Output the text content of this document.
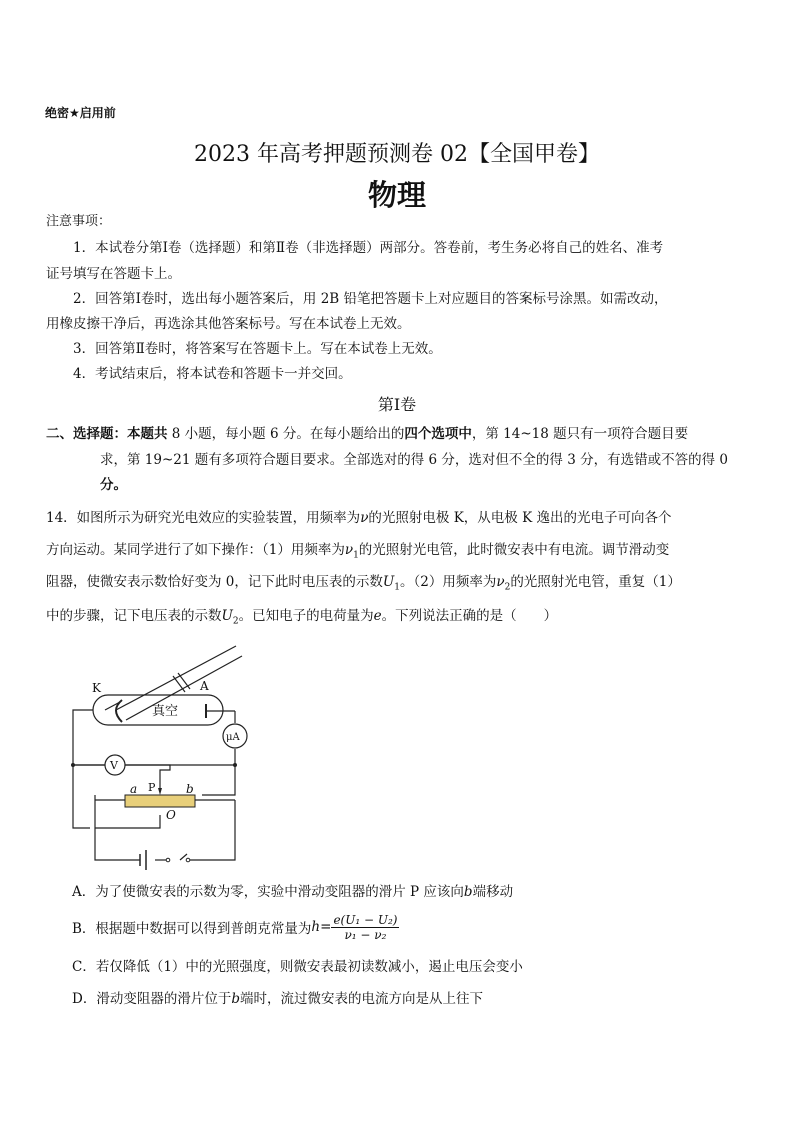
绝密★启用前
2023 年高考押题预测卷 02【全国甲卷】
物理
注意事项：
1．本试卷分第Ⅰ卷（选择题）和第Ⅱ卷（非选择题）两部分。答卷前，考生务必将自己的姓名、准考
证号填写在答题卡上。
2．回答第Ⅰ卷时，选出每小题答案后，用 2B 铅笔把答题卡上对应题目的答案标号涂黑。如需改动，
用橡皮擦干净后，再选涂其他答案标号。写在本试卷上无效。
3．回答第Ⅱ卷时，将答案写在答题卡上。写在本试卷上无效。
4．考试结束后，将本试卷和答题卡一并交回。
第Ⅰ卷
二、选择题：本题共 8 小题，每小题 6 分。在每小题给出的四个选项中，第 14~18 题只有一项符合题目要
求，第 19~21 题有多项符合题目要求。全部选对的得 6 分，选对但不全的得 3 分，有选错或不答的得 0
分。
14．如图所示为研究光电效应的实验装置，用频率为ν的光照射电极 K，从电极 K 逸出的光电子可向各个
方向运动。某同学进行了如下操作：（1）用频率为$\nu_1$的光照射光电管，此时微安表中有电流。调节滑动变
阻器，使微安表示数恰好变为 0，记下此时电压表的示数$U_1$。（2）用频率为$\nu_2$的光照射光电管，重复（1）
中的步骤，记下电压表的示数$U_2$。已知电子的电荷量为e。下列说法正确的是（　　）
K	A
真空
μA
V
P
a	b
O
A．为了使微安表的示数为零，实验中滑动变阻器的滑片 P 应该向b端移动
B．根据题中数据可以得到普朗克常量为 $h = \frac{\text{e(U₁ − U₂)}}{\text{ν₁ − ν₂}}$
C．若仅降低（1）中的光照强度，则微安表最初读数减小，遏止电压会变小
D．滑动变阻器的滑片位于b端时，流过微安表的电流方向是从上往下
